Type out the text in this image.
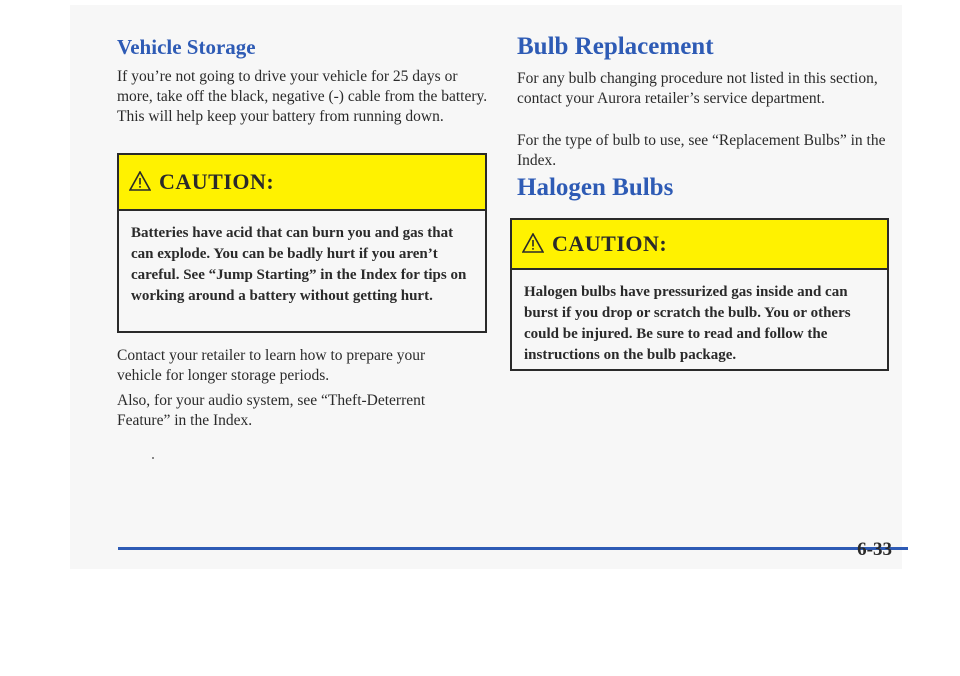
Vehicle Storage

If you’re not going to drive your vehicle for 25 days or more, take off the black, negative (-) cable from the battery. This will help keep your battery from running down.

CAUTION:
Batteries have acid that can burn you and gas that can explode. You can be badly hurt if you aren’t careful. See “Jump Starting” in the Index for tips on working around a battery without getting hurt.

Contact your retailer to learn how to prepare your vehicle for longer storage periods.

Also, for your audio system, see “Theft-Deterrent Feature” in the Index.

Bulb Replacement

For any bulb changing procedure not listed in this section, contact your Aurora retailer’s service department.

For the type of bulb to use, see “Replacement Bulbs” in the Index.

Halogen Bulbs
CAUTION:
Halogen bulbs have pressurized gas inside and can burst if you drop or scratch the bulb. You or others could be injured. Be sure to read and follow the instructions on the bulb package.
6-33
